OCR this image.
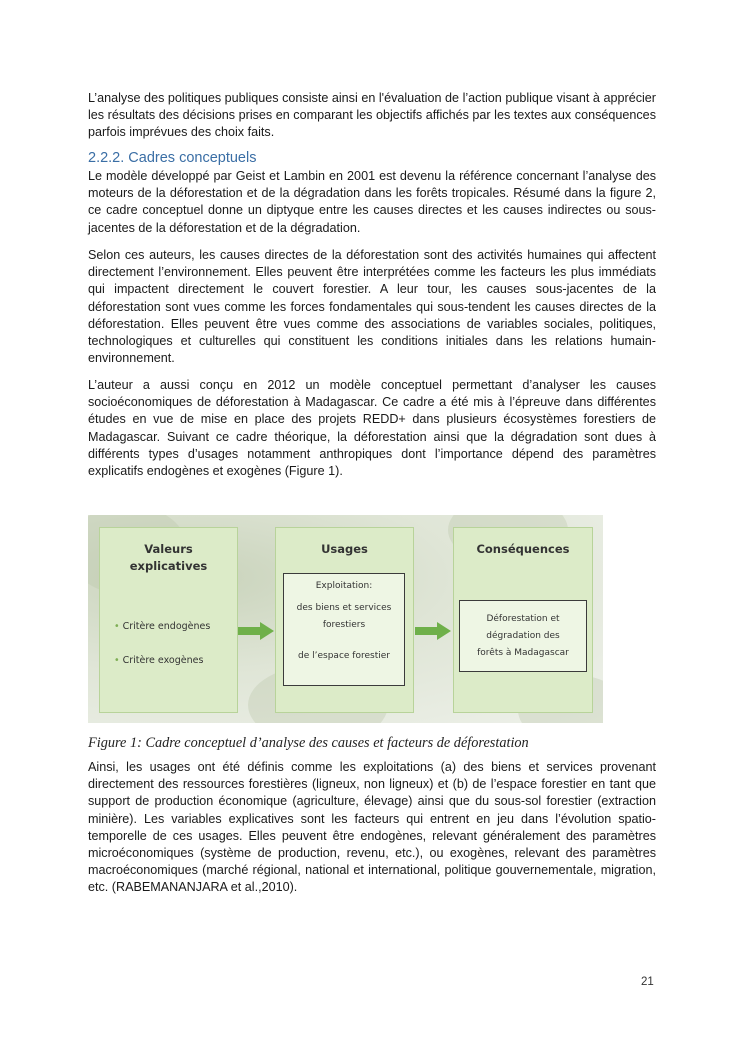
L’analyse des politiques publiques consiste ainsi en l'évaluation de l’action publique visant à apprécier les résultats des décisions prises en comparant les objectifs affichés par les textes aux conséquences parfois imprévues des choix faits.

2.2.2. Cadres conceptuels

Le modèle développé par Geist et Lambin en 2001 est devenu la référence concernant l’analyse des moteurs de la déforestation et de la dégradation dans les forêts tropicales. Résumé dans la figure 2, ce cadre conceptuel donne un diptyque entre les causes directes et les causes indirectes ou sous-jacentes de la déforestation et de la dégradation.

Selon ces auteurs, les causes directes de la déforestation sont des activités humaines qui affectent directement l’environnement. Elles peuvent être interprétées comme les facteurs les plus immédiats qui impactent directement le couvert forestier. A leur tour, les causes sous-jacentes de la déforestation sont vues comme les forces fondamentales qui sous-tendent les causes directes de la déforestation. Elles peuvent être vues comme des associations de variables sociales, politiques, technologiques et culturelles qui constituent les conditions initiales dans les relations humain-environnement.

L’auteur a aussi conçu en 2012 un modèle conceptuel permettant d’analyser les causes socioéconomiques de déforestation à Madagascar. Ce cadre a été mis à l’épreuve dans différentes études en vue de mise en place des projets REDD+ dans plusieurs écosystèmes forestiers de Madagascar. Suivant ce cadre théorique, la déforestation ainsi que la dégradation sont dues à différents types d’usages notamment anthropiques dont l’importance dépend des paramètres explicatifs endogènes et exogènes (Figure 1).

Valeurs
explicatives
• Critère endogènes
• Critère exogènes
Usages
Exploitation:
des biens et services
forestiers
de l’espace forestier
Conséquences
Déforestation et
dégradation des
forêts à Madagascar

Figure 1: Cadre conceptuel d’analyse des causes et facteurs de déforestation

Ainsi, les usages ont été définis comme les exploitations (a) des biens et services provenant directement des ressources forestières (ligneux, non ligneux) et (b) de l’espace forestier en tant que support de production économique (agriculture, élevage) ainsi que du sous-sol forestier (extraction minière). Les variables explicatives sont les facteurs qui entrent en jeu dans l’évolution spatio-temporelle de ces usages. Elles peuvent être endogènes, relevant généralement des paramètres microéconomiques (système de production, revenu, etc.), ou exogènes, relevant des paramètres macroéconomiques (marché régional, national et international, politique gouvernementale, migration, etc. (RABEMANANJARA et al.,2010).

21
